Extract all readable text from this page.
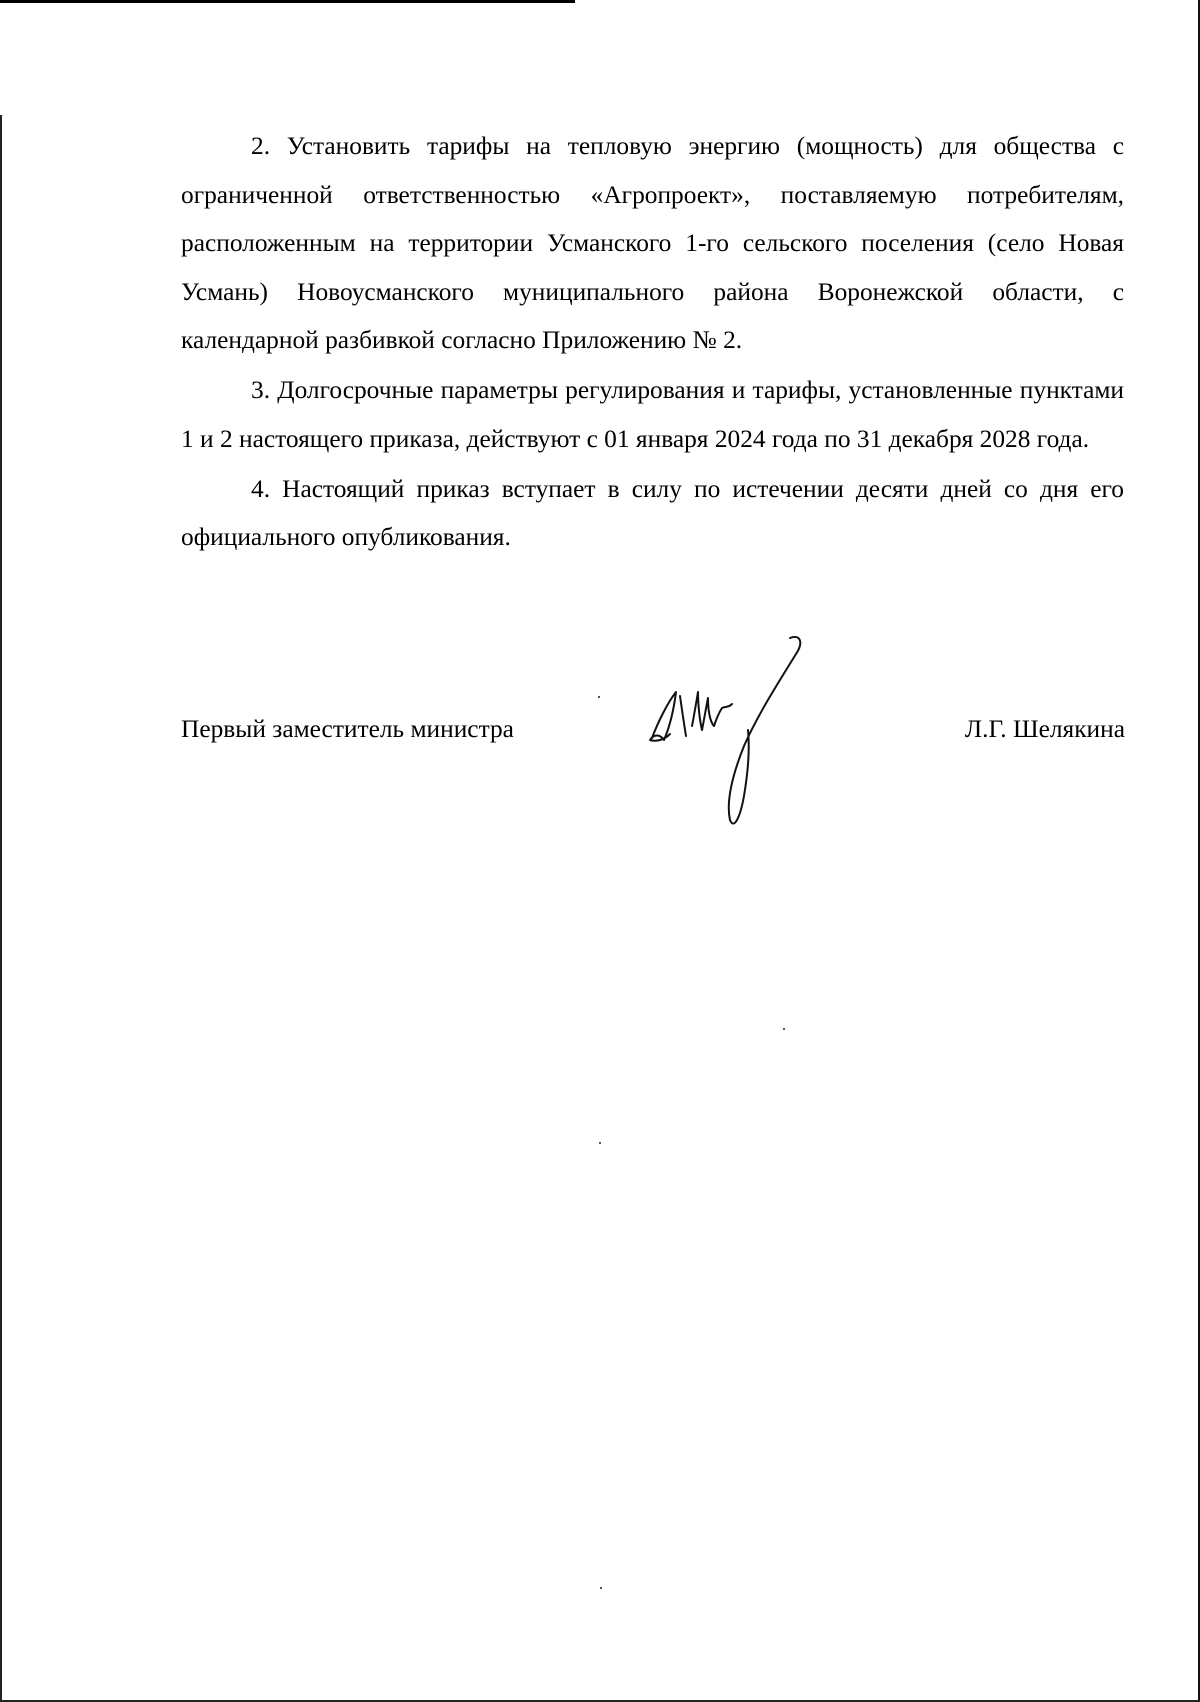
2. Установить тарифы на тепловую энергию (мощность) для общества с ограниченной ответственностью «Агропроект», поставляемую потребителям, расположенным на территории Усманского 1-го сельского поселения (село Новая Усмань) Новоусманского муниципального района Воронежской области, с календарной разбивкой согласно Приложению № 2.

3. Долгосрочные параметры регулирования и тарифы, установленные пунктами 1 и 2 настоящего приказа, действуют с 01 января 2024 года по 31 декабря 2028 года.

4. Настоящий приказ вступает в силу по истечении десяти дней со дня его официального опубликования.

Первый заместитель министра	Л.Г. Шелякина
